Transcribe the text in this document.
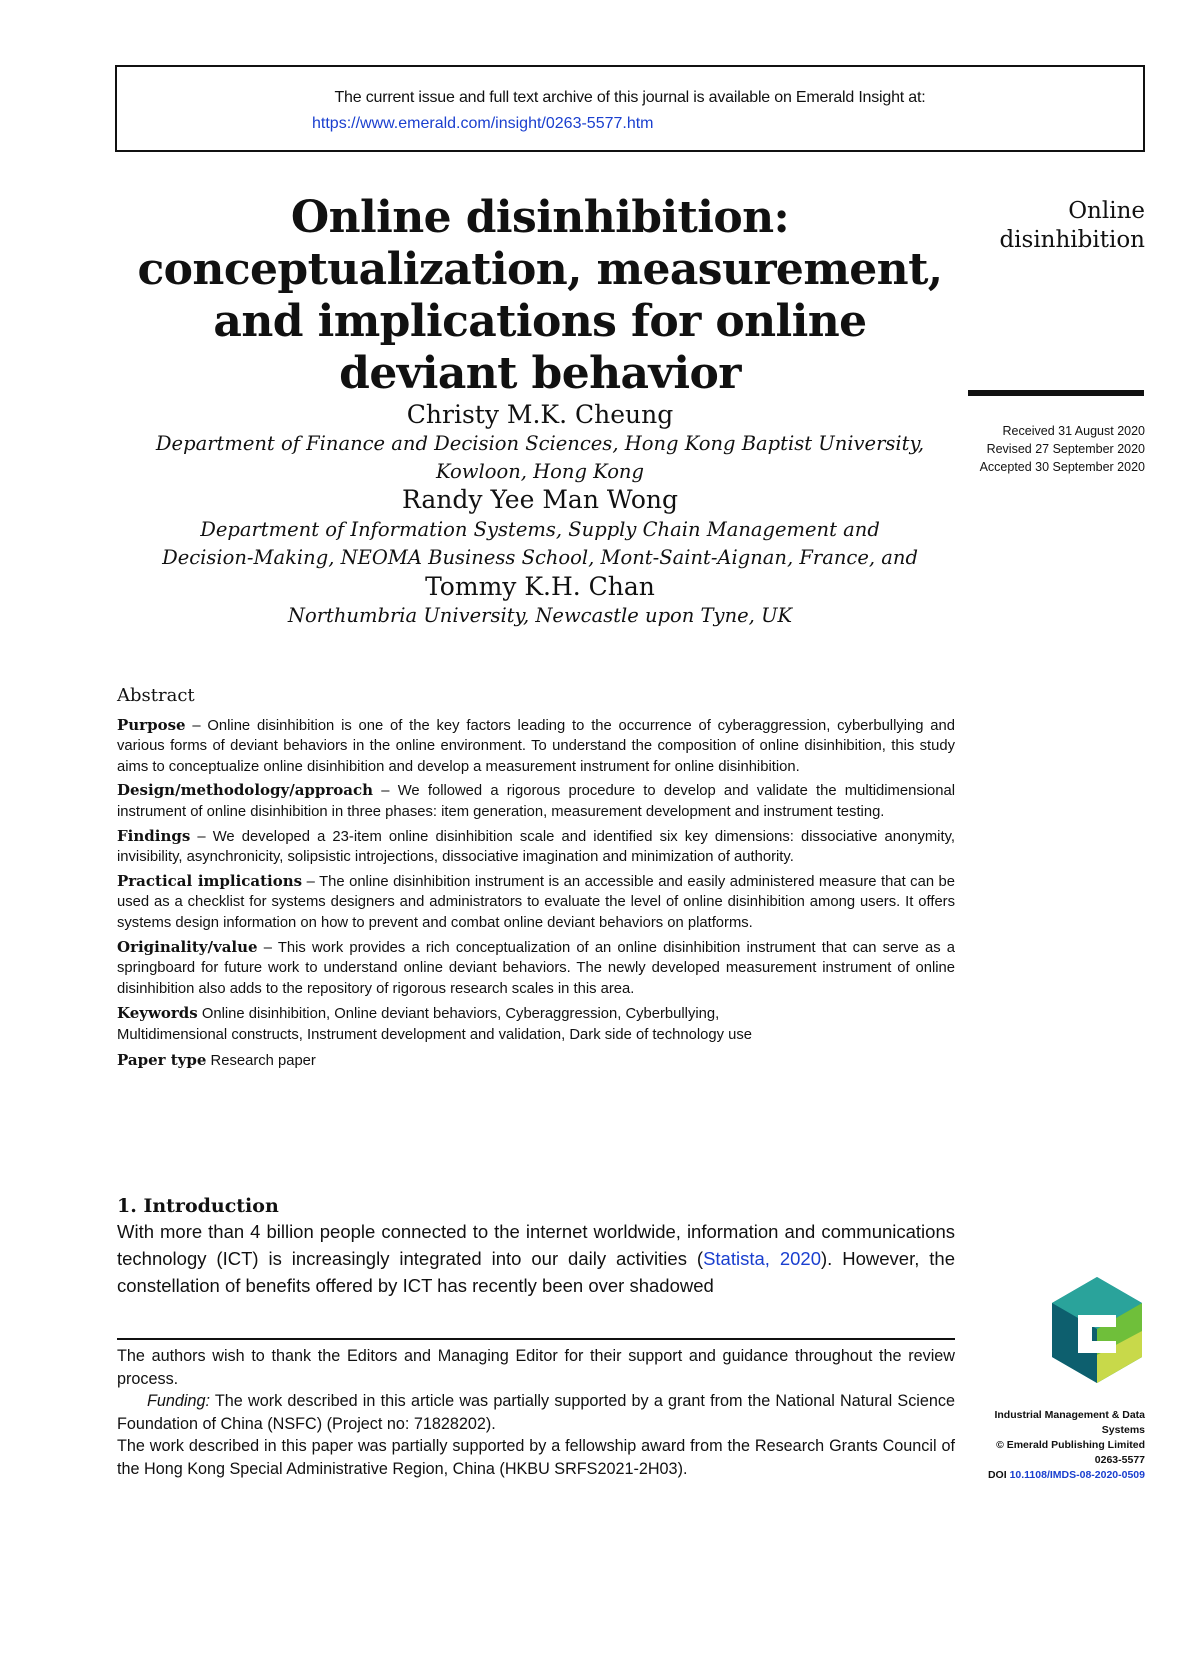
The current issue and full text archive of this journal is available on Emerald Insight at:
https://www.emerald.com/insight/0263-5577.htm
Online disinhibition:
conceptualization, measurement,
and implications for online
deviant behavior
Online
disinhibition
Received 31 August 2020
Revised 27 September 2020
Accepted 30 September 2020
Christy M.K. Cheung
Department of Finance and Decision Sciences, Hong Kong Baptist University,
Kowloon, Hong Kong
Randy Yee Man Wong
Department of Information Systems, Supply Chain Management and
Decision-Making, NEOMA Business School, Mont-Saint-Aignan, France, and
Tommy K.H. Chan
Northumbria University, Newcastle upon Tyne, UK
Abstract

Purpose – Online disinhibition is one of the key factors leading to the occurrence of cyberaggression, cyberbullying and various forms of deviant behaviors in the online environment. To understand the composition of online disinhibition, this study aims to conceptualize online disinhibition and develop a measurement instrument for online disinhibition.

Design/methodology/approach – We followed a rigorous procedure to develop and validate the multidimensional instrument of online disinhibition in three phases: item generation, measurement development and instrument testing.

Findings – We developed a 23-item online disinhibition scale and identified six key dimensions: dissociative anonymity, invisibility, asynchronicity, solipsistic introjections, dissociative imagination and minimization of authority.

Practical implications – The online disinhibition instrument is an accessible and easily administered measure that can be used as a checklist for systems designers and administrators to evaluate the level of online disinhibition among users. It offers systems design information on how to prevent and combat online deviant behaviors on platforms.

Originality/value – This work provides a rich conceptualization of an online disinhibition instrument that can serve as a springboard for future work to understand online deviant behaviors. The newly developed measurement instrument of online disinhibition also adds to the repository of rigorous research scales in this area.

Keywords Online disinhibition, Online deviant behaviors, Cyberaggression, Cyberbullying,
Multidimensional constructs, Instrument development and validation, Dark side of technology use

Paper type Research paper

1. Introduction
With more than 4 billion people connected to the internet worldwide, information and communications technology (ICT) is increasingly integrated into our daily activities (Statista, 2020). However, the constellation of benefits offered by ICT has recently been over shadowed

The authors wish to thank the Editors and Managing Editor for their support and guidance throughout the review process.

Funding: The work described in this article was partially supported by a grant from the National Natural Science Foundation of China (NSFC) (Project no: 71828202).

The work described in this paper was partially supported by a fellowship award from the Research Grants Council of the Hong Kong Special Administrative Region, China (HKBU SRFS2021-2H03).

Industrial Management & Data
Systems
© Emerald Publishing Limited
0263-5577
DOI 10.1108/IMDS-08-2020-0509
